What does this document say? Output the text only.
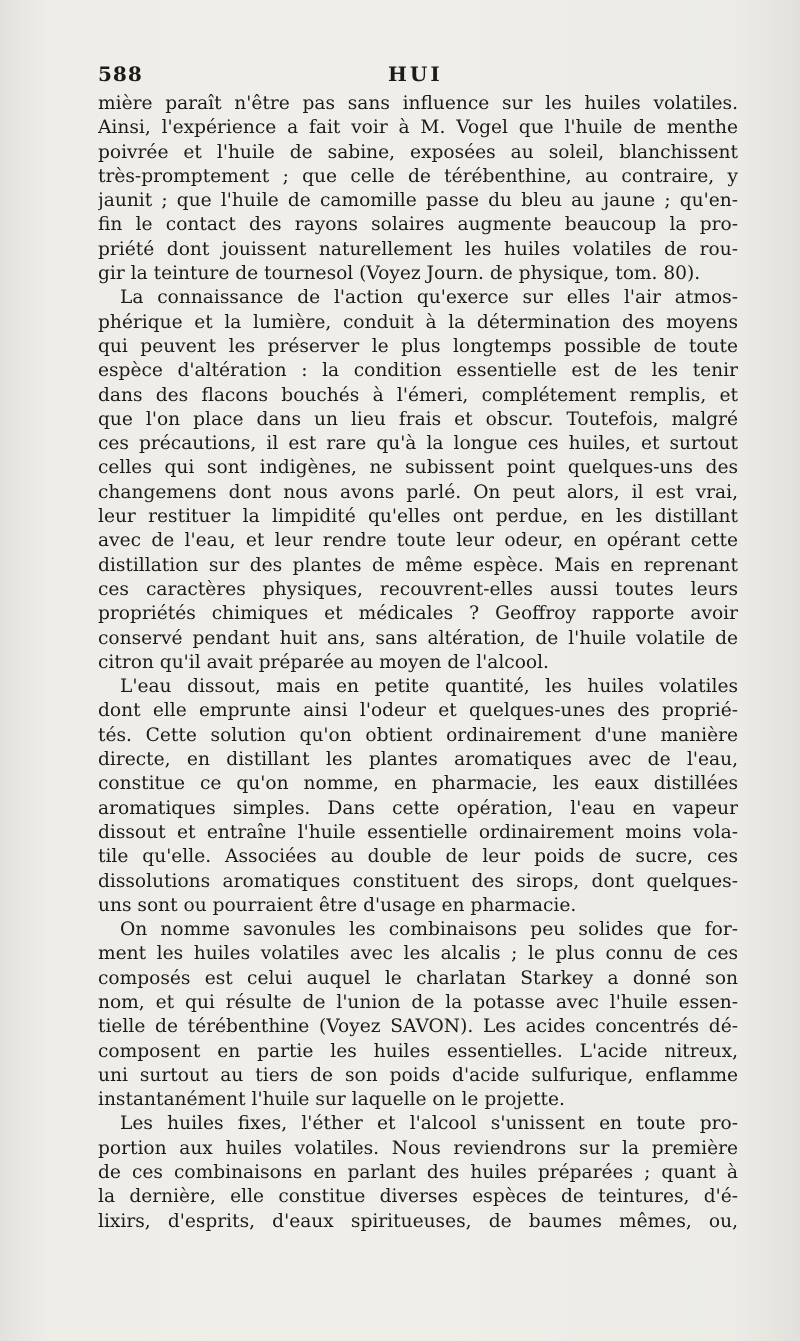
588	HUI
mière paraît n'être pas sans influence sur les huiles volatiles.
Ainsi, l'expérience a fait voir à M. Vogel que l'huile de menthe
poivrée et l'huile de sabine, exposées au soleil, blanchissent
très-promptement ; que celle de térébenthine, au contraire, y
jaunit ; que l'huile de camomille passe du bleu au jaune ; qu'en-
fin le contact des rayons solaires augmente beaucoup la pro-
priété dont jouissent naturellement les huiles volatiles de rou-
gir la teinture de tournesol (Voyez Journ. de physique, tom. 80).
La connaissance de l'action qu'exerce sur elles l'air atmos-
phérique et la lumière, conduit à la détermination des moyens
qui peuvent les préserver le plus longtemps possible de toute
espèce d'altération : la condition essentielle est de les tenir
dans des flacons bouchés à l'émeri, complétement remplis, et
que l'on place dans un lieu frais et obscur. Toutefois, malgré
ces précautions, il est rare qu'à la longue ces huiles, et surtout
celles qui sont indigènes, ne subissent point quelques-uns des
changemens dont nous avons parlé. On peut alors, il est vrai,
leur restituer la limpidité qu'elles ont perdue, en les distillant
avec de l'eau, et leur rendre toute leur odeur, en opérant cette
distillation sur des plantes de même espèce. Mais en reprenant
ces caractères physiques, recouvrent-elles aussi toutes leurs
propriétés chimiques et médicales ? Geoffroy rapporte avoir
conservé pendant huit ans, sans altération, de l'huile volatile de
citron qu'il avait préparée au moyen de l'alcool.
L'eau dissout, mais en petite quantité, les huiles volatiles
dont elle emprunte ainsi l'odeur et quelques-unes des proprié-
tés. Cette solution qu'on obtient ordinairement d'une manière
directe, en distillant les plantes aromatiques avec de l'eau,
constitue ce qu'on nomme, en pharmacie, les eaux distillées
aromatiques simples. Dans cette opération, l'eau en vapeur
dissout et entraîne l'huile essentielle ordinairement moins vola-
tile qu'elle. Associées au double de leur poids de sucre, ces
dissolutions aromatiques constituent des sirops, dont quelques-
uns sont ou pourraient être d'usage en pharmacie.
On nomme savonules les combinaisons peu solides que for-
ment les huiles volatiles avec les alcalis ; le plus connu de ces
composés est celui auquel le charlatan Starkey a donné son
nom, et qui résulte de l'union de la potasse avec l'huile essen-
tielle de térébenthine (Voyez SAVON). Les acides concentrés dé-
composent en partie les huiles essentielles. L'acide nitreux,
uni surtout au tiers de son poids d'acide sulfurique, enflamme
instantanément l'huile sur laquelle on le projette.
Les huiles fixes, l'éther et l'alcool s'unissent en toute pro-
portion aux huiles volatiles. Nous reviendrons sur la première
de ces combinaisons en parlant des huiles préparées ; quant à
la dernière, elle constitue diverses espèces de teintures, d'é-
lixirs, d'esprits, d'eaux spiritueuses, de baumes mêmes, ou,
